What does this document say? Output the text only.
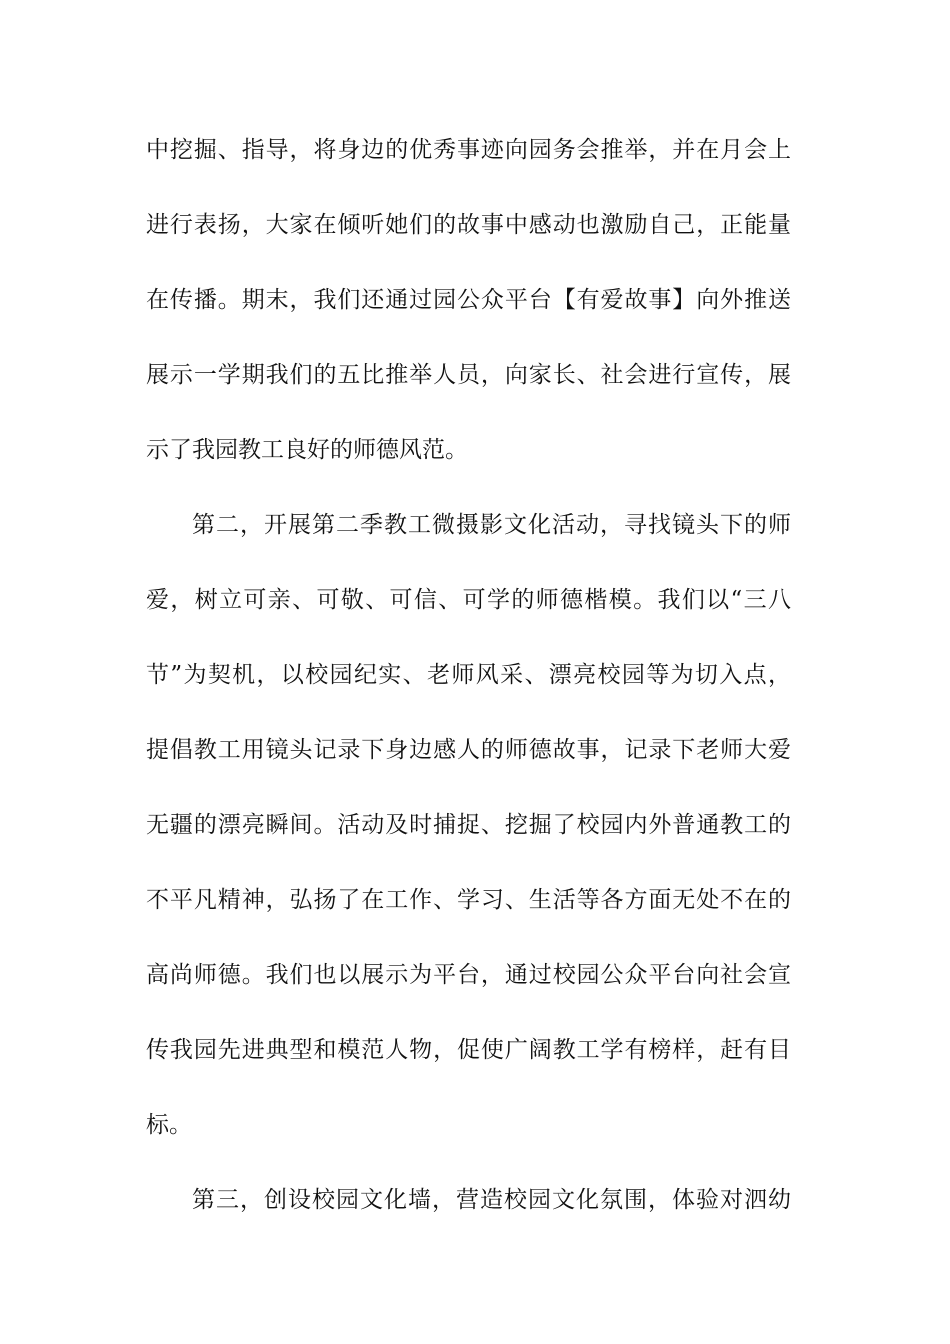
中挖掘、指导，将身边的优秀事迹向园务会推举，并在月会上
进行表扬，大家在倾听她们的故事中感动也激励自己，正能量
在传播。期末，我们还通过园公众平台【有爱故事】向外推送
展示一学期我们的五比推举人员，向家长、社会进行宣传，展
示了我园教工良好的师德风范。
第二，开展第二季教工微摄影文化活动，寻找镜头下的师
爱，树立可亲、可敬、可信、可学的师德楷模。我们以“三八
节”为契机，以校园纪实、老师风采、漂亮校园等为切入点，
提倡教工用镜头记录下身边感人的师德故事，记录下老师大爱
无疆的漂亮瞬间。活动及时捕捉、挖掘了校园内外普通教工的
不平凡精神，弘扬了在工作、学习、生活等各方面无处不在的
高尚师德。我们也以展示为平台，通过校园公众平台向社会宣
传我园先进典型和模范人物，促使广阔教工学有榜样，赶有目
标。
第三，创设校园文化墙，营造校园文化氛围，体验对泗幼
